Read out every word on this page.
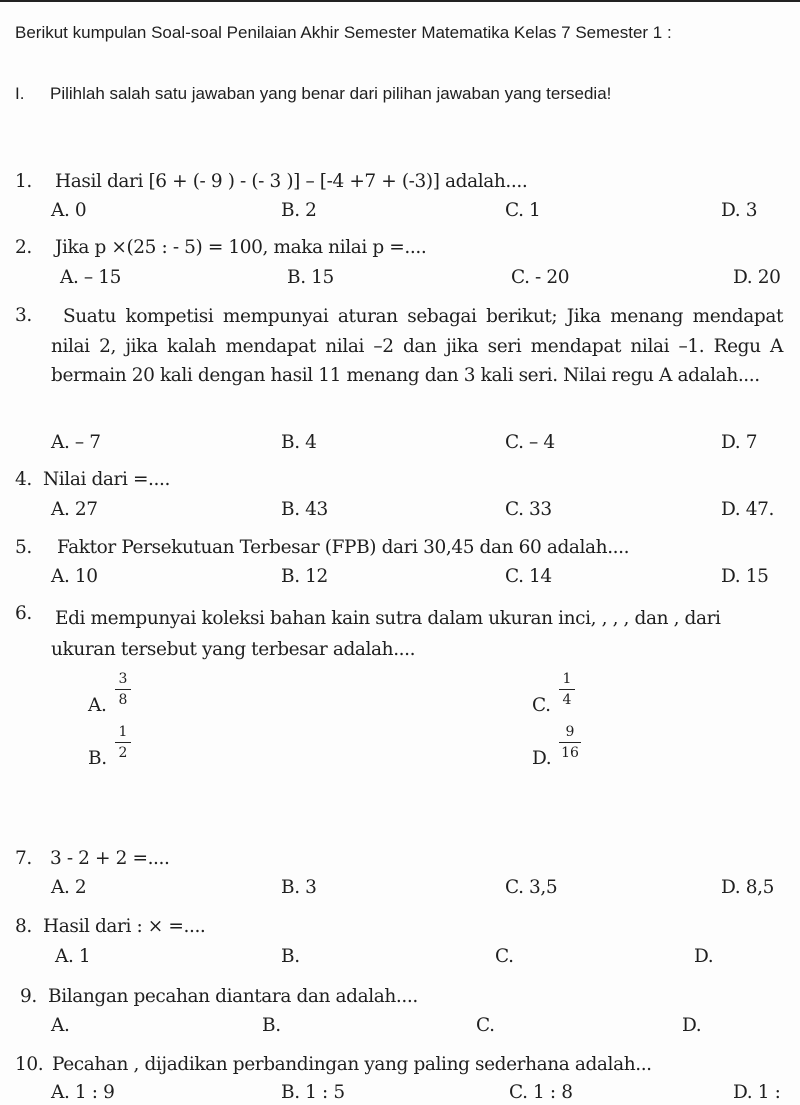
Berikut kumpulan Soal-soal Penilaian Akhir Semester Matematika Kelas 7 Semester 1 :
I. Pilihlah salah satu jawaban yang benar dari pilihan jawaban yang tersedia!
1. Hasil dari [6 + (- 9 ) - (- 3 )] – [-4 +7 + (-3)] adalah....
A. 0	B. 2	C. 1	D. 3
2. Jika p ×(25 : - 5) = 100, maka nilai p =....
A. – 15	B. 15	C. - 20	D. 20
3.	Suatu kompetisi mempunyai aturan sebagai berikut; Jika menang mendapat nilai 2, jika kalah mendapat nilai –2 dan jika seri mendapat nilai –1. Regu A bermain 20 kali dengan hasil 11 menang dan 3 kali seri. Nilai regu A adalah....
A. – 7	B. 4	C. – 4	D. 7
4. Nilai dari =....
A. 27	B. 43	C. 33	D. 47.
5. Faktor Persekutuan Terbesar (FPB) dari 30,45 dan 60 adalah....
A. 10	B. 12	C. 14	D. 15
6. Edi mempunyai koleksi bahan kain sutra dalam ukuran inci, , , , dan , dari ukuran tersebut yang terbesar adalah....
A.
3
8
B.
1
2
C.
1
4
D.
9
16
7. 3 - 2 + 2 =....
A. 2	B. 3	C. 3,5	D. 8,5
8. Hasil dari : × =....
A. 1	B.	C.	D.
9. Bilangan pecahan diantara dan adalah....
A.	B.	C.	D.
10. Pecahan , dijadikan perbandingan yang paling sederhana adalah...
A. 1 : 9	B. 1 : 5	C. 1 : 8	D. 1 :
